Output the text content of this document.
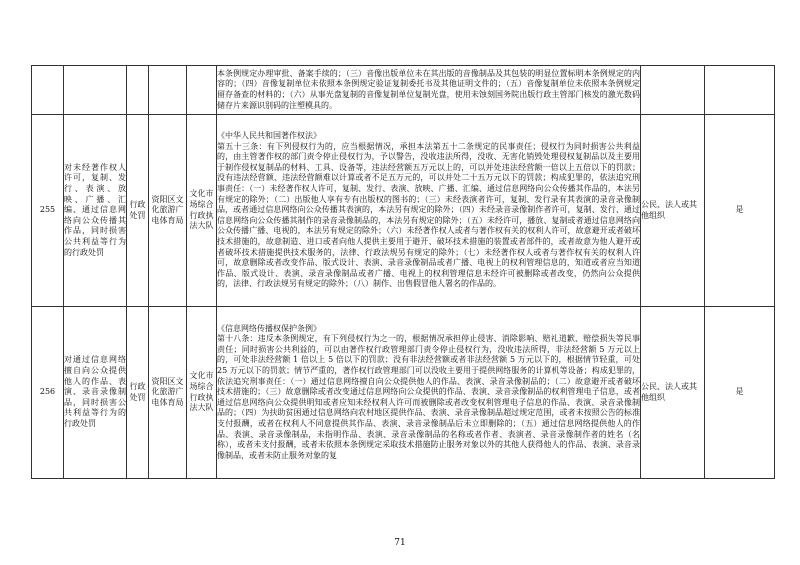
					本条例规定办理审批、备案手续的；（三）音像出版单位未在其出版的音像制品及其包装的明显位置标明本条例规定的内容的；（四）音像复制单位未依照本条例规定验证复制委托书及其他证明文件的；（五）音像复制单位未依照本条例规定留存备查的材料的；（六）从事光盘复制的音像复制单位复制光盘，使用未蚀刻国务院出版行政主管部门核发的激光数码储存片来源识别码的注塑模具的。		

255	对未经著作权人许可，复制、发行、表演、放映、广播、汇编、通过信息网络向公众传播其作品，同时损害公共利益等行为的行政处罚	行政处罚	资阳区文化旅游广电体育局	文化市场综合行政执法大队	《中华人民共和国著作权法》

第五十三条：有下列侵权行为的，应当根据情况，承担本法第五十二条规定的民事责任；侵权行为同时损害公共利益的，由主管著作权的部门责令停止侵权行为，予以警告，没收违法所得，没收、无害化销毁处理侵权复制品以及主要用于制作侵权复制品的材料、工具、设备等，违法经营额五万元以上的，可以并处违法经营额一倍以上五倍以下的罚款；没有违法经营额、违法经营额难以计算或者不足五万元的，可以并处二十五万元以下的罚款；构成犯罪的，依法追究刑事责任：（一）未经著作权人许可，复制、发行、表演、放映、广播、汇编、通过信息网络向公众传播其作品的，本法另有规定的除外；（二）出版他人享有专有出版权的图书的；（三）未经表演者许可，复制、发行录有其表演的录音录像制品，或者通过信息网络向公众传播其表演的，本法另有规定的除外；（四）未经录音录像制作者许可，复制、发行、通过信息网络向公众传播其制作的录音录像制品的，本法另有规定的除外；（五）未经许可，播放、复制或者通过信息网络向公众传播广播、电视的，本法另有规定的除外；（六）未经著作权人或者与著作权有关的权利人许可，故意避开或者破坏技术措施的，故意制造、进口或者向他人提供主要用于避开、破坏技术措施的装置或者部件的，或者故意为他人避开或者破坏技术措施提供技术服务的，法律、行政法规另有规定的除外；（七）未经著作权人或者与著作权有关的权利人许可，故意删除或者改变作品、版式设计、表演、录音录像制品或者广播、电视上的权利管理信息的，知道或者应当知道作品、版式设计、表演、录音录像制品或者广播、电视上的权利管理信息未经许可被删除或者改变，仍然向公众提供的，法律、行政法规另有规定的除外；（八）制作、出售假冒他人署名的作品的。	公民、法人或其他组织	是
256	对通过信息网络擅自向公众提供他人的作品、表演、录音录像制品，同时损害公共利益等行为的行政处罚	行政处罚	资阳区文化旅游广电体育局	文化市场综合行政执法大队	《信息网络传播权保护条例》

第十八条：违反本条例规定，有下列侵权行为之一的，根据情况承担停止侵害、消除影响、赔礼道歉、赔偿损失等民事责任；同时损害公共利益的，可以由著作权行政管理部门责令停止侵权行为，没收违法所得，非法经营额 5 万元以上的，可处非法经营额 1 倍以上 5 倍以下的罚款；没有非法经营额或者非法经营额 5 万元以下的，根据情节轻重，可处 25 万元以下的罚款；情节严重的，著作权行政管理部门可以没收主要用于提供网络服务的计算机等设备；构成犯罪的，依法追究刑事责任：（一）通过信息网络擅自向公众提供他人的作品、表演、录音录像制品的；（二）故意避开或者破坏技术措施的；（三）故意删除或者改变通过信息网络向公众提供的作品、表演、录音录像制品的权利管理电子信息，或者通过信息网络向公众提供明知或者应知未经权利人许可而被删除或者改变权利管理电子信息的作品、表演、录音录像制品的；（四）为扶助贫困通过信息网络向农村地区提供作品、表演、录音录像制品超过规定范围，或者未按照公告的标准支付报酬，或者在权利人不同意提供其作品、表演、录音录像制品后未立即删除的；（五）通过信息网络提供他人的作品、表演、录音录像制品，未指明作品、表演、录音录像制品的名称或者作者、表演者、录音录像制作者的姓名（名称），或者未支付报酬，或者未依照本条例规定采取技术措施防止服务对象以外的其他人获得他人的作品、表演、录音录像制品，或者未防止服务对象的复	公民、法人或其他组织	是
71
